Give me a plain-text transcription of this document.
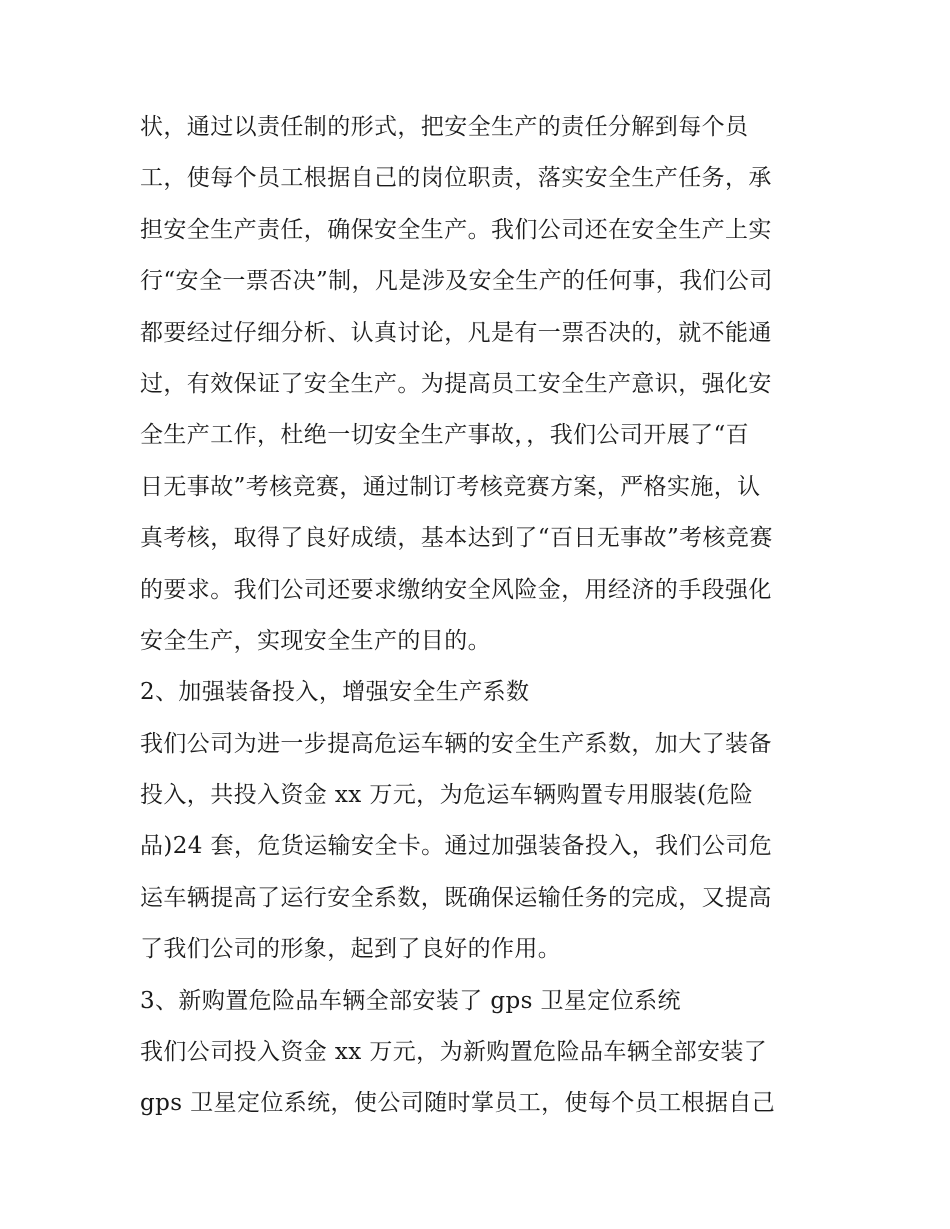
状，通过以责任制的形式，把安全生产的责任分解到每个员
工，使每个员工根据自己的岗位职责，落实安全生产任务，承
担安全生产责任，确保安全生产。我们公司还在安全生产上实
行“安全一票否决”制，凡是涉及安全生产的任何事，我们公司
都要经过仔细分析、认真讨论，凡是有一票否决的，就不能通
过，有效保证了安全生产。为提高员工安全生产意识，强化安
全生产工作，杜绝一切安全生产事故，，我们公司开展了“百
日无事故”考核竞赛，通过制订考核竞赛方案，严格实施，认
真考核，取得了良好成绩，基本达到了“百日无事故”考核竞赛
的要求。我们公司还要求缴纳安全风险金，用经济的手段强化
安全生产，实现安全生产的目的。
2、加强装备投入，增强安全生产系数
我们公司为进一步提高危运车辆的安全生产系数，加大了装备
投入，共投入资金 xx 万元，为危运车辆购置专用服装(危险
品)24 套，危货运输安全卡。通过加强装备投入，我们公司危
运车辆提高了运行安全系数，既确保运输任务的完成，又提高
了我们公司的形象，起到了良好的作用。
3、新购置危险品车辆全部安装了 gps 卫星定位系统
我们公司投入资金 xx 万元，为新购置危险品车辆全部安装了
gps 卫星定位系统，使公司随时掌员工，使每个员工根据自己
